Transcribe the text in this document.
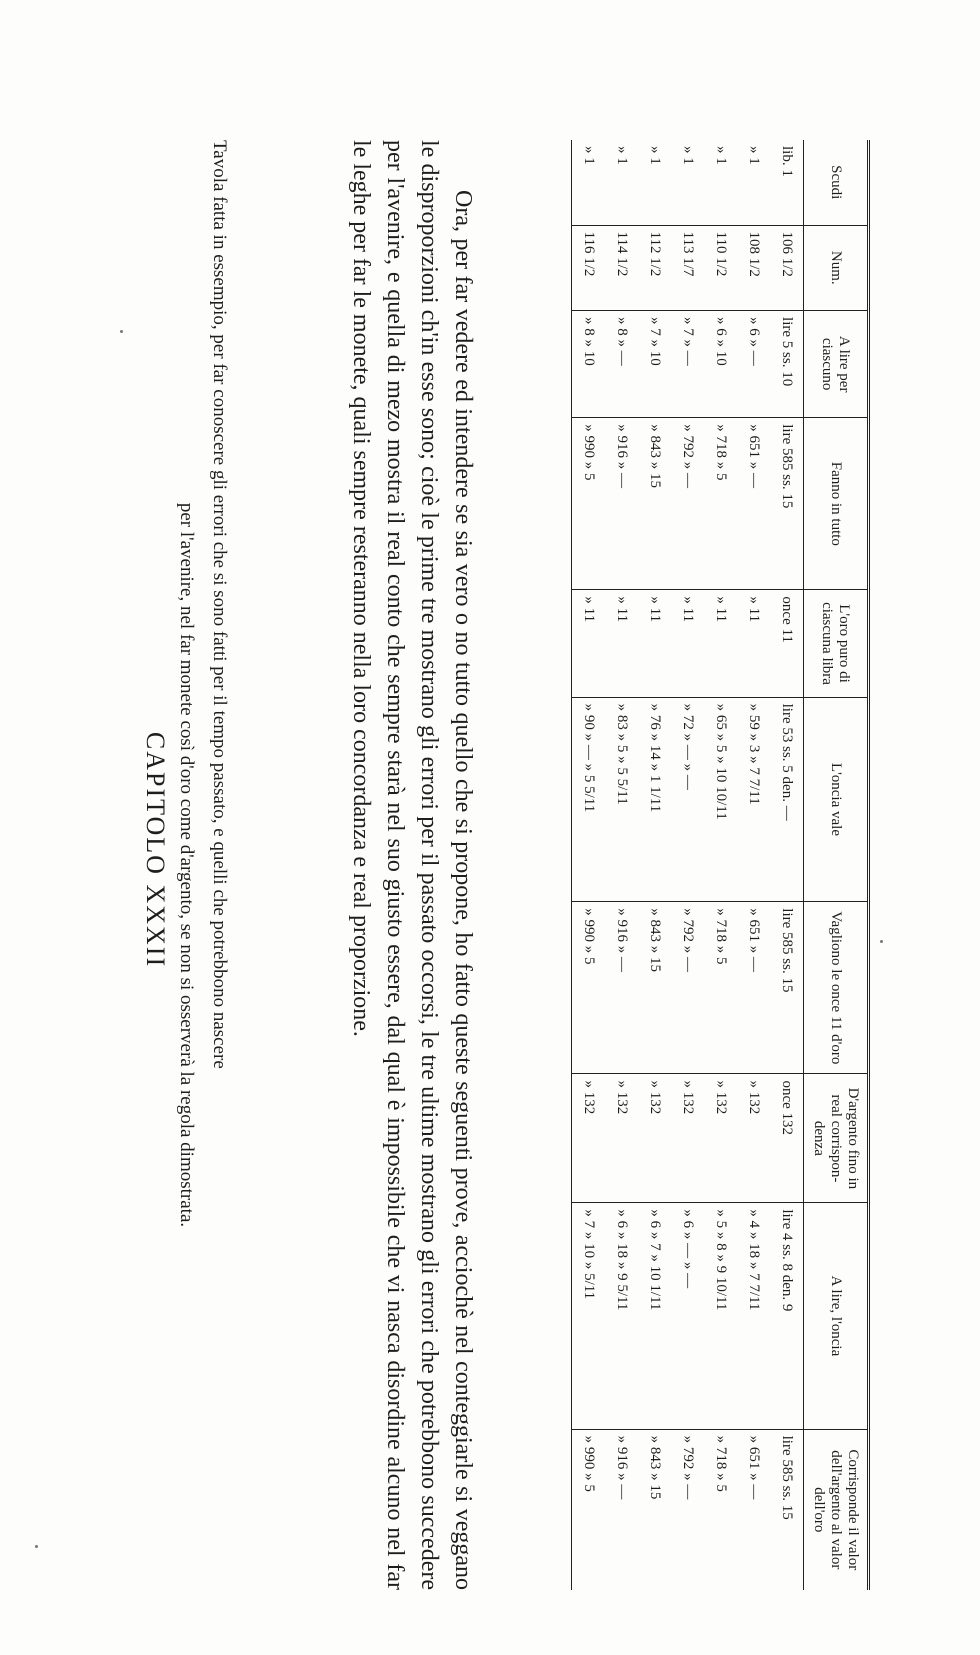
CAPITOLO XXXII	Tavola fatta in essempio, per far conoscere gli errori che si sono fatti per il tempo passato, e quelli che potrebbono nascere

per l'avenire, nel far monete così d'oro come d'argento, se non si osserverà la regola dimostrata.	Ora, per far vedere ed intendere se sia vero o no tutto quello che si propone, ho fatto queste seguenti prove, acciochè nel conteggiarle si veggano le disproporzioni ch'in esse sono; cioè le prime tre mostrano gli errori per il passato occorsi, le tre ultime mostrano gli errori che potrebbono succedere per l'avenire, e quella di mezo mostra il real conto che sempre starà nel suo giusto essere, dal qual è impossibile che vi nasca disordine alcuno nel far le leghe per far le monete, quali sempre resteranno nella loro concordanza e real proporzione.	Scudi	Num.	A lire per ciascuno	Fanno in tutto	L'oro puro di ciascuna libra	L'oncia vale	Vagliono le once 11 d'oro	D'argento fino in real corrispon-denza	A lire, l'oncia	Corrisponde il valor dell'argento al valor dell'oro
lib. 1	106 1/2	lire 5 ss. 10	lire 585 ss. 15	once 11	lire 53 ss. 5 den. —	lire 585 ss. 15	once 132	lire 4 ss. 8 den. 9	lire 585 ss. 15
» 1	108 1/2	» 6 » —	» 651 » —	» 11	» 59 » 3 » 7 7/11	» 651 » —	» 132	» 4 » 18 » 7 7/11	» 651 » —
» 1	110 1/2	» 6 » 10	» 718 » 5	» 11	» 65 » 5 » 10 10/11	» 718 » 5	» 132	» 5 » 8 » 9 10/11	» 718 » 5
» 1	113 1/7	» 7 » —	» 792 » —	» 11	» 72 » — » —	» 792 » —	» 132	» 6 » — » —	» 792 » —
» 1	112 1/2	» 7 » 10	» 843 » 15	» 11	» 76 » 14 » 1 1/11	» 843 » 15	» 132	» 6 » 7 » 10 1/11	» 843 » 15
» 1	114 1/2	» 8 » —	» 916 » —	» 11	» 83 » 5 » 5 5/11	» 916 » —	» 132	» 6 » 18 » 9 5/11	» 916 » —
» 1	116 1/2	» 8 » 10	» 990 » 5	» 11	» 90 » — » 5 5/11	» 990 » 5	» 132	» 7 » 10 » 5/11	» 990 » 5
